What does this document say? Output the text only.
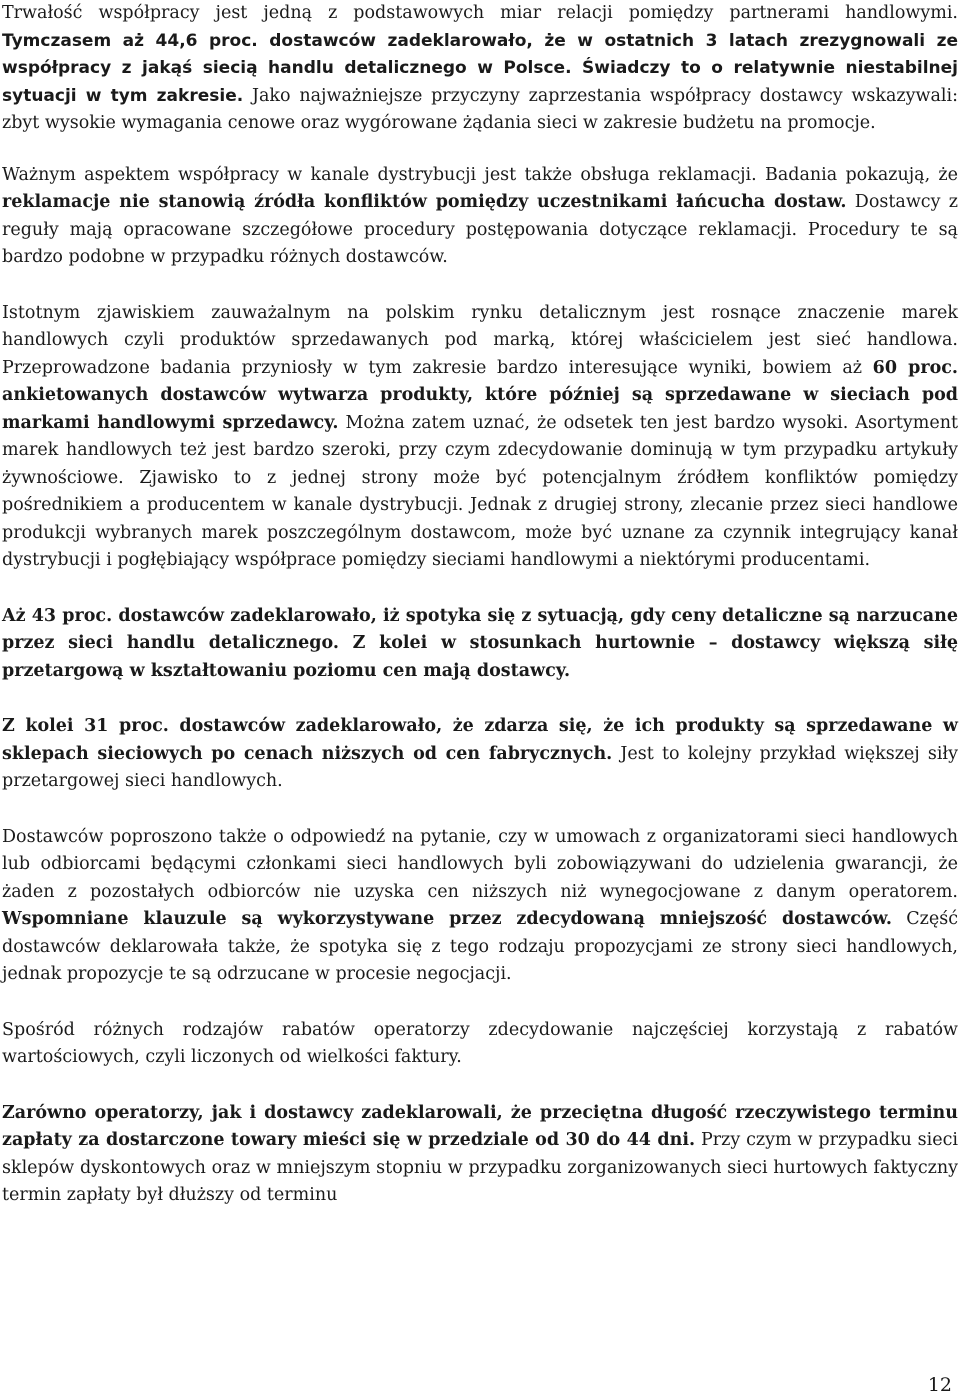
Trwałość współpracy jest jedną z podstawowych miar relacji pomiędzy partnerami handlowymi. Tymczasem aż 44,6 proc. dostawców zadeklarowało, że w ostatnich 3 latach zrezygnowali ze współpracy z jakąś siecią handlu detalicznego w Polsce. Świadczy to o relatywnie niestabilnej sytuacji w tym zakresie. Jako najważniejsze przyczyny zaprzestania współpracy dostawcy wskazywali: zbyt wysokie wymagania cenowe oraz wygórowane żądania sieci w zakresie budżetu na promocje.

Ważnym aspektem współpracy w kanale dystrybucji jest także obsługa reklamacji. Badania pokazują, że reklamacje nie stanowią źródła konfliktów pomiędzy uczestnikami łańcucha dostaw. Dostawcy z reguły mają opracowane szczegółowe procedury postępowania dotyczące reklamacji. Procedury te są bardzo podobne w przypadku różnych dostawców.

Istotnym zjawiskiem zauważalnym na polskim rynku detalicznym jest rosnące znaczenie marek handlowych czyli produktów sprzedawanych pod marką, której właścicielem jest sieć handlowa. Przeprowadzone badania przyniosły w tym zakresie bardzo interesujące wyniki, bowiem aż 60 proc. ankietowanych dostawców wytwarza produkty, które później są sprzedawane w sieciach pod markami handlowymi sprzedawcy. Można zatem uznać, że odsetek ten jest bardzo wysoki. Asortyment marek handlowych też jest bardzo szeroki, przy czym zdecydowanie dominują w tym przypadku artykuły żywnościowe. Zjawisko to z jednej strony może być potencjalnym źródłem konfliktów pomiędzy pośrednikiem a producentem w kanale dystrybucji. Jednak z drugiej strony, zlecanie przez sieci handlowe produkcji wybranych marek poszczególnym dostawcom, może być uznane za czynnik integrujący kanał dystrybucji i pogłębiający współprace pomiędzy sieciami handlowymi a niektórymi producentami.

Aż 43 proc. dostawców zadeklarowało, iż spotyka się z sytuacją, gdy ceny detaliczne są narzucane przez sieci handlu detalicznego. Z kolei w stosunkach hurtownie – dostawcy większą siłę przetargową w kształtowaniu poziomu cen mają dostawcy.

Z kolei 31 proc. dostawców zadeklarowało, że zdarza się, że ich produkty są sprzedawane w sklepach sieciowych po cenach niższych od cen fabrycznych. Jest to kolejny przykład większej siły przetargowej sieci handlowych.

Dostawców poproszono także o odpowiedź na pytanie, czy w umowach z organizatorami sieci handlowych lub odbiorcami będącymi członkami sieci handlowych byli zobowiązywani do udzielenia gwarancji, że żaden z pozostałych odbiorców nie uzyska cen niższych niż wynegocjowane z danym operatorem. Wspomniane klauzule są wykorzystywane przez zdecydowaną mniejszość dostawców. Część dostawców deklarowała także, że spotyka się z tego rodzaju propozycjami ze strony sieci handlowych, jednak propozycje te są odrzucane w procesie negocjacji.

Spośród różnych rodzajów rabatów operatorzy zdecydowanie najczęściej korzystają z rabatów wartościowych, czyli liczonych od wielkości faktury.

Zarówno operatorzy, jak i dostawcy zadeklarowali, że przeciętna długość rzeczywistego terminu zapłaty za dostarczone towary mieści się w przedziale od 30 do 44 dni. Przy czym w przypadku sieci sklepów dyskontowych oraz w mniejszym stopniu w przypadku zorganizowanych sieci hurtowych faktyczny termin zapłaty był dłuższy od terminu

12
